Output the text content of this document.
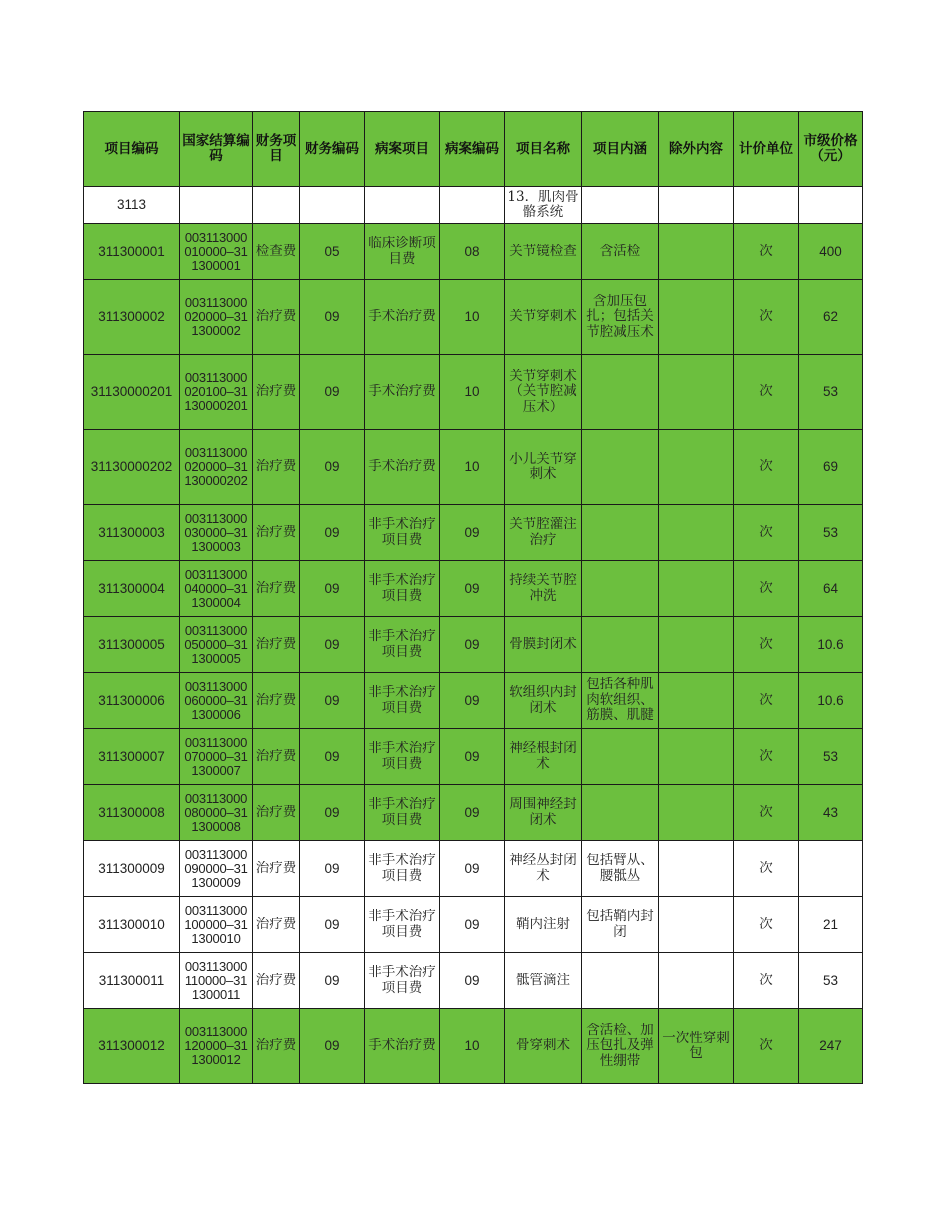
项目编码	国家结算编码	财务项目	财务编码	病案项目	病案编码	项目名称	项目内涵	除外内容	计价单位	市级价格（元）

3113						13．肌肉骨骼系统				

311300001	003113000010000–311300001	检查费	05	临床诊断项目费	08	关节镜检查	含活检		次	400

311300002	003113000020000–311300002	治疗费	09	手术治疗费	10	关节穿刺术	含加压包扎；包括关节腔减压术		次	62

31130000201	003113000020100–31130000201	治疗费	09	手术治疗费	10	关节穿刺术（关节腔减压术）			次	53

31130000202	003113000020000–31130000202	治疗费	09	手术治疗费	10	小儿关节穿刺术			次	69

311300003	003113000030000–311300003	治疗费	09	非手术治疗项目费	09	关节腔灌注治疗			次	53

311300004	003113000040000–311300004	治疗费	09	非手术治疗项目费	09	持续关节腔冲洗			次	64

311300005	003113000050000–311300005	治疗费	09	非手术治疗项目费	09	骨膜封闭术			次	10.6

311300006	003113000060000–311300006	治疗费	09	非手术治疗项目费	09	软组织内封闭术	包括各种肌肉软组织、筋膜、肌腱		次	10.6

311300007	003113000070000–311300007	治疗费	09	非手术治疗项目费	09	神经根封闭术			次	53

311300008	003113000080000–311300008	治疗费	09	非手术治疗项目费	09	周围神经封闭术			次	43

311300009	003113000090000–311300009	治疗费	09	非手术治疗项目费	09	神经丛封闭术	包括臂从、腰骶丛		次	

311300010	003113000100000–311300010	治疗费	09	非手术治疗项目费	09	鞘内注射	包括鞘内封闭		次	21

311300011	003113000110000–311300011	治疗费	09	非手术治疗项目费	09	骶管滴注			次	53

311300012	003113000120000–311300012	治疗费	09	手术治疗费	10	骨穿刺术	含活检、加压包扎及弹性绷带	一次性穿刺包	次	247
